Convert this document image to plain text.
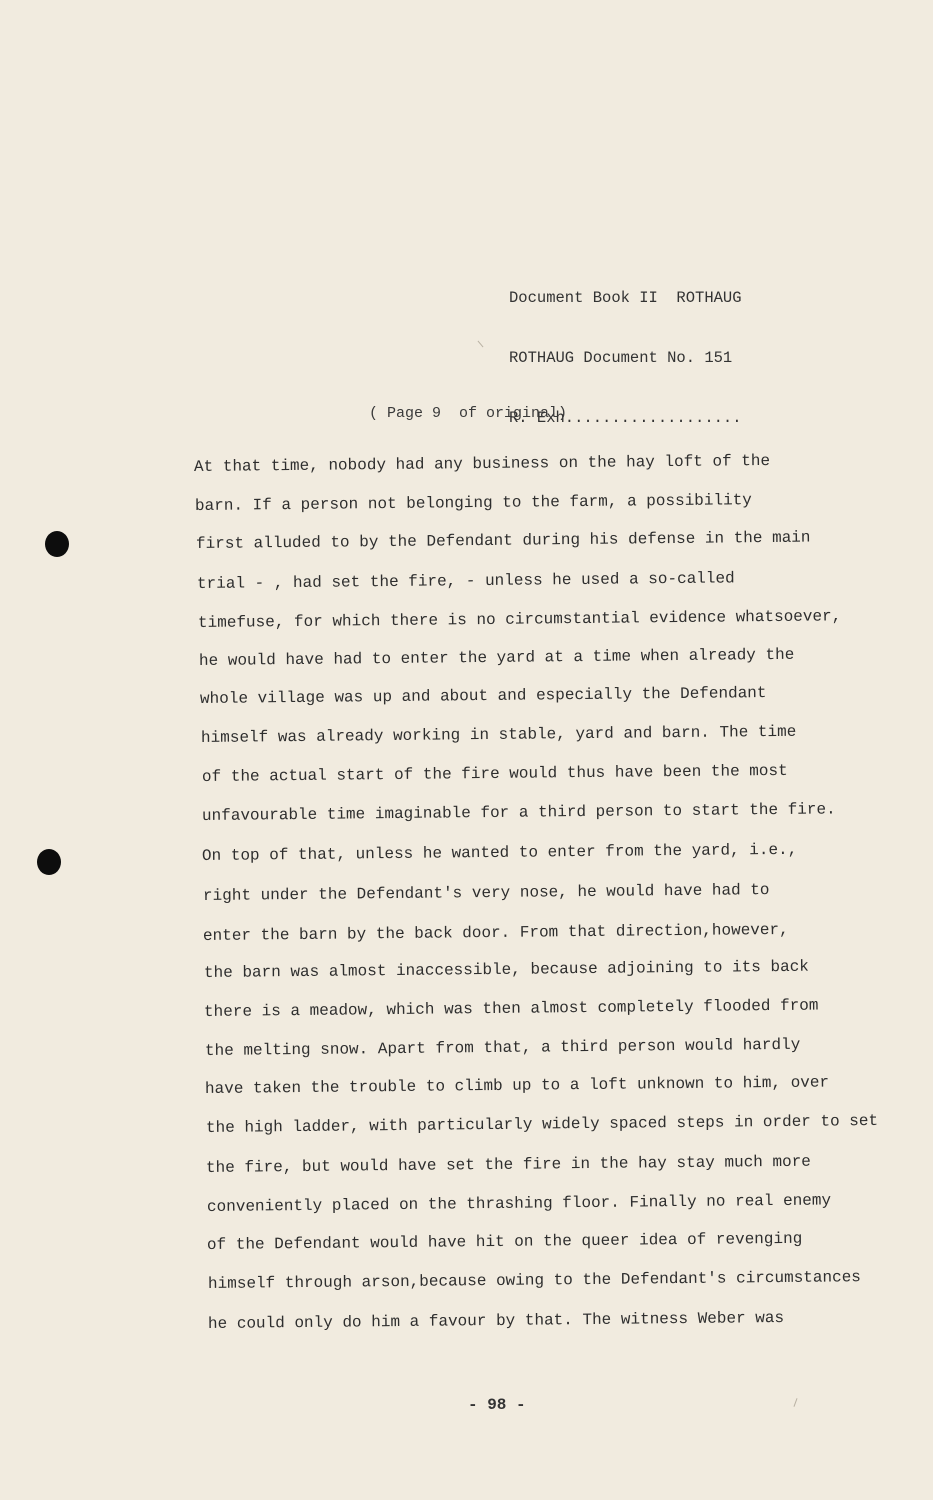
Document Book II  ROTHAUG

ROTHAUG Document No. 151

R. Exh...................

( Page 9  of original)
At that time, nobody had any business on the hay loft of the
barn. If a person not belonging to the farm, a possibility
first alluded to by the Defendant during his defense in the main
trial - , had set the fire, - unless he used a so-called
timefuse, for which there is no circumstantial evidence whatsoever,
he would have had to enter the yard at a time when already the
whole village was up and about and especially the Defendant
himself was already working in stable, yard and barn. The time
of the actual start of the fire would thus have been the most
unfavourable time imaginable for a third person to start the fire.
On top of that, unless he wanted to enter from the yard, i.e.,
right under the Defendant's very nose, he would have had to
enter the barn by the back door. From that direction,however,
the barn was almost inaccessible, because adjoining to its back
there is a meadow, which was then almost completely flooded from
the melting snow. Apart from that, a third person would hardly
have taken the trouble to climb up to a loft unknown to him, over
the high ladder, with particularly widely spaced steps in order to set
the fire, but would have set the fire in the hay stay much more
conveniently placed on the thrashing floor. Finally no real enemy
of the Defendant would have hit on the queer idea of revenging
himself through arson,because owing to the Defendant's circumstances
he could only do him a favour by that. The witness Weber was
- 98 -
